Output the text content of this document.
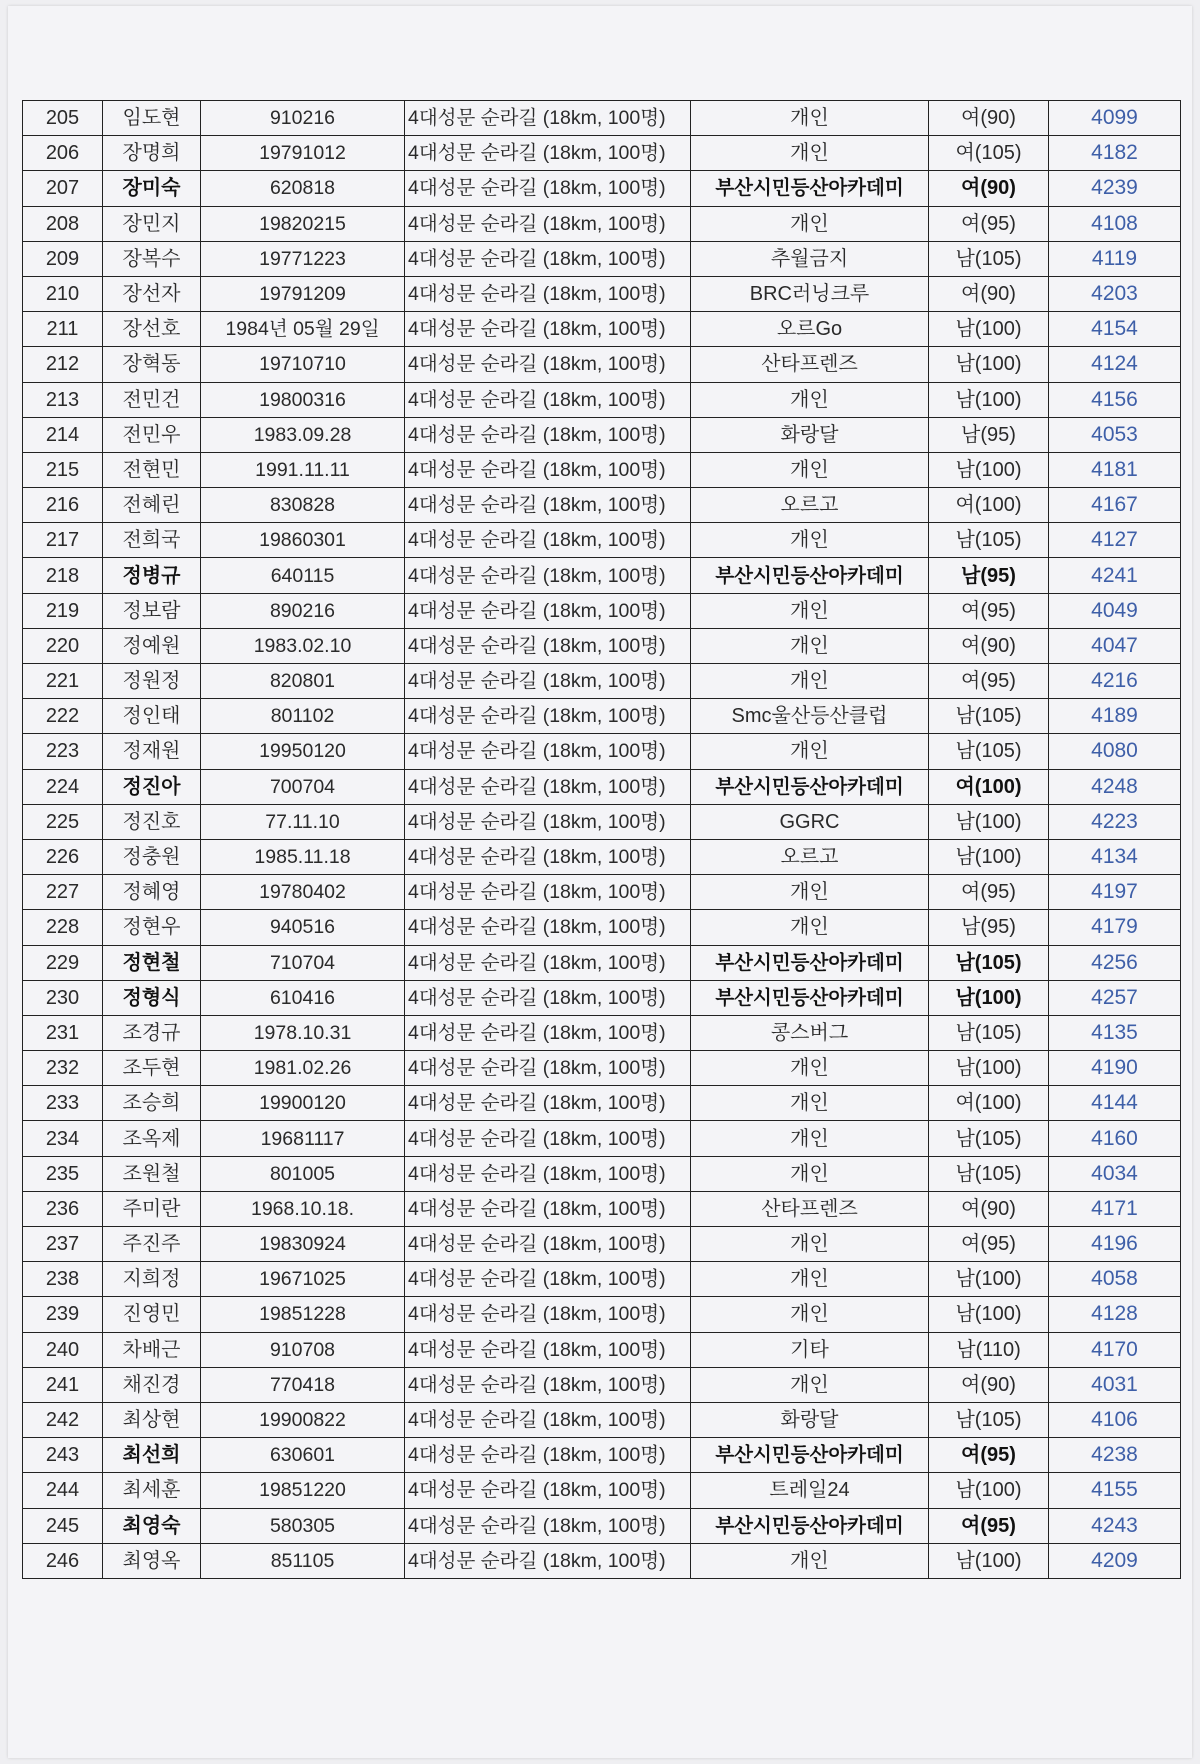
205	임도현	910216	4대성문 순라길 (18km, 100명)	개인	여(90)	4099
206	장명희	19791012	4대성문 순라길 (18km, 100명)	개인	여(105)	4182
207	장미숙	620818	4대성문 순라길 (18km, 100명)	부산시민등산아카데미	여(90)	4239
208	장민지	19820215	4대성문 순라길 (18km, 100명)	개인	여(95)	4108
209	장복수	19771223	4대성문 순라길 (18km, 100명)	추월금지	남(105)	4119
210	장선자	19791209	4대성문 순라길 (18km, 100명)	BRC러닝크루	여(90)	4203
211	장선호	1984년 05월 29일	4대성문 순라길 (18km, 100명)	오르Go	남(100)	4154
212	장혁동	19710710	4대성문 순라길 (18km, 100명)	산타프렌즈	남(100)	4124
213	전민건	19800316	4대성문 순라길 (18km, 100명)	개인	남(100)	4156
214	전민우	1983.09.28	4대성문 순라길 (18km, 100명)	화랑달	남(95)	4053
215	전현민	1991.11.11	4대성문 순라길 (18km, 100명)	개인	남(100)	4181
216	전혜린	830828	4대성문 순라길 (18km, 100명)	오르고	여(100)	4167
217	전희국	19860301	4대성문 순라길 (18km, 100명)	개인	남(105)	4127
218	정병규	640115	4대성문 순라길 (18km, 100명)	부산시민등산아카데미	남(95)	4241
219	정보람	890216	4대성문 순라길 (18km, 100명)	개인	여(95)	4049
220	정예원	1983.02.10	4대성문 순라길 (18km, 100명)	개인	여(90)	4047
221	정원정	820801	4대성문 순라길 (18km, 100명)	개인	여(95)	4216
222	정인태	801102	4대성문 순라길 (18km, 100명)	Smc울산등산클럽	남(105)	4189
223	정재원	19950120	4대성문 순라길 (18km, 100명)	개인	남(105)	4080
224	정진아	700704	4대성문 순라길 (18km, 100명)	부산시민등산아카데미	여(100)	4248
225	정진호	77.11.10	4대성문 순라길 (18km, 100명)	GGRC	남(100)	4223
226	정충원	1985.11.18	4대성문 순라길 (18km, 100명)	오르고	남(100)	4134
227	정혜영	19780402	4대성문 순라길 (18km, 100명)	개인	여(95)	4197
228	정현우	940516	4대성문 순라길 (18km, 100명)	개인	남(95)	4179
229	정현철	710704	4대성문 순라길 (18km, 100명)	부산시민등산아카데미	남(105)	4256
230	정형식	610416	4대성문 순라길 (18km, 100명)	부산시민등산아카데미	남(100)	4257
231	조경규	1978.10.31	4대성문 순라길 (18km, 100명)	콩스버그	남(105)	4135
232	조두현	1981.02.26	4대성문 순라길 (18km, 100명)	개인	남(100)	4190
233	조승희	19900120	4대성문 순라길 (18km, 100명)	개인	여(100)	4144
234	조옥제	19681117	4대성문 순라길 (18km, 100명)	개인	남(105)	4160
235	조원철	801005	4대성문 순라길 (18km, 100명)	개인	남(105)	4034
236	주미란	1968.10.18.	4대성문 순라길 (18km, 100명)	산타프렌즈	여(90)	4171
237	주진주	19830924	4대성문 순라길 (18km, 100명)	개인	여(95)	4196
238	지희정	19671025	4대성문 순라길 (18km, 100명)	개인	남(100)	4058
239	진영민	19851228	4대성문 순라길 (18km, 100명)	개인	남(100)	4128
240	차배근	910708	4대성문 순라길 (18km, 100명)	기타	남(110)	4170
241	채진경	770418	4대성문 순라길 (18km, 100명)	개인	여(90)	4031
242	최상현	19900822	4대성문 순라길 (18km, 100명)	화랑달	남(105)	4106
243	최선희	630601	4대성문 순라길 (18km, 100명)	부산시민등산아카데미	여(95)	4238
244	최세훈	19851220	4대성문 순라길 (18km, 100명)	트레일24	남(100)	4155
245	최영숙	580305	4대성문 순라길 (18km, 100명)	부산시민등산아카데미	여(95)	4243
246	최영옥	851105	4대성문 순라길 (18km, 100명)	개인	남(100)	4209
